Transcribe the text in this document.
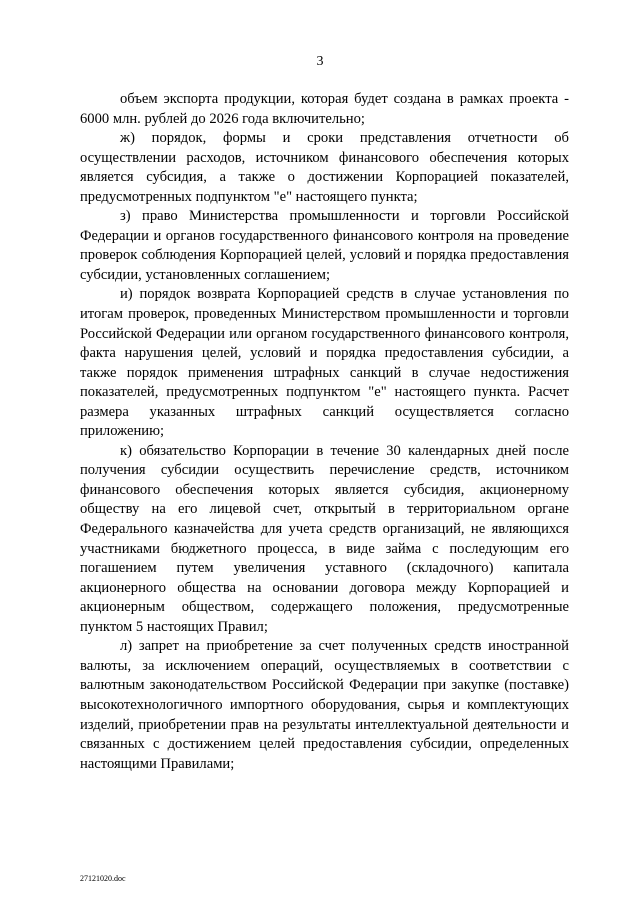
3

объем экспорта продукции, которая будет создана в рамках проекта - 6000 млн. рублей до 2026 года включительно;

ж) порядок, формы и сроки представления отчетности об осуществлении расходов, источником финансового обеспечения которых является субсидия, а также о достижении Корпорацией показателей, предусмотренных подпунктом "е" настоящего пункта;

з) право Министерства промышленности и торговли Российской Федерации и органов государственного финансового контроля на проведение проверок соблюдения Корпорацией целей, условий и порядка предоставления субсидии, установленных соглашением;

и) порядок возврата Корпорацией средств в случае установления по итогам проверок, проведенных Министерством промышленности и торговли Российской Федерации или органом государственного финансового контроля, факта нарушения целей, условий и порядка предоставления субсидии, а также порядок применения штрафных санкций в случае недостижения показателей, предусмотренных подпунктом "е" настоящего пункта. Расчет размера указанных штрафных санкций осуществляется согласно приложению;

к) обязательство Корпорации в течение 30 календарных дней после получения субсидии осуществить перечисление средств, источником финансового обеспечения которых является субсидия, акционерному обществу на его лицевой счет, открытый в территориальном органе Федерального казначейства для учета средств организаций, не являющихся участниками бюджетного процесса, в виде займа с последующим его погашением путем увеличения уставного (складочного) капитала акционерного общества на основании договора между Корпорацией и акционерным обществом, содержащего положения, предусмотренные пунктом 5 настоящих Правил;

л) запрет на приобретение за счет полученных средств иностранной валюты, за исключением операций, осуществляемых в соответствии с валютным законодательством Российской Федерации при закупке (поставке) высокотехнологичного импортного оборудования, сырья и комплектующих изделий, приобретении прав на результаты интеллектуальной деятельности и связанных с достижением целей предоставления субсидии, определенных настоящими Правилами;

27121020.doc
